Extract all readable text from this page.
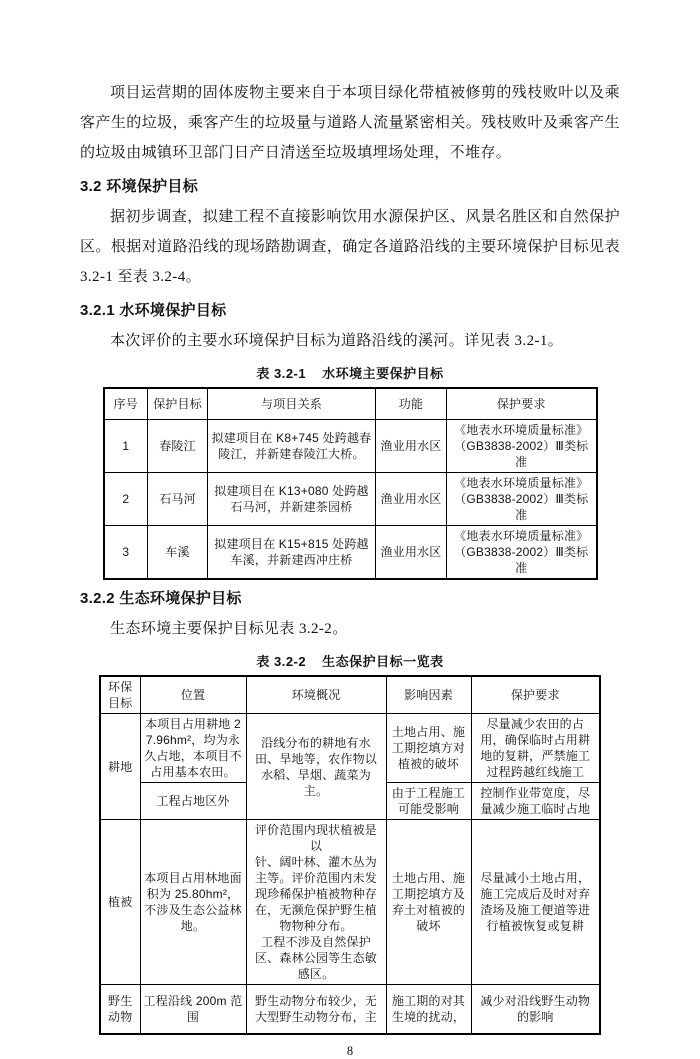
项目运营期的固体废物主要来自于本项目绿化带植被修剪的残枝败叶以及乘客产生的垃圾，乘客产生的垃圾量与道路人流量紧密相关。残枝败叶及乘客产生的垃圾由城镇环卫部门日产日清送至垃圾填埋场处理，不堆存。

3.2 环境保护目标

据初步调查，拟建工程不直接影响饮用水源保护区、风景名胜区和自然保护区。根据对道路沿线的现场踏勘调查，确定各道路沿线的主要环境保护目标见表 3.2-1 至表 3.2-4。

3.2.1 水环境保护目标

本次评价的主要水环境保护目标为道路沿线的溪河。详见表 3.2-1。

表 3.2-1 水环境主要保护目标
序号	保护目标	与项目关系	功能	保护要求
1	春陵江	拟建项目在 K8+745 处跨越春陵江，并新建春陵江大桥。	渔业用水区	《地表水环境质量标准》（GB3838-2002）Ⅲ类标准
2	石马河	拟建项目在 K13+080 处跨越石马河，并新建茶园桥	渔业用水区	《地表水环境质量标准》（GB3838-2002）Ⅲ类标准
3	车溪	拟建项目在 K15+815 处跨越车溪，并新建西冲庄桥	渔业用水区	《地表水环境质量标准》（GB3838-2002）Ⅲ类标准
3.2.2 生态环境保护目标

生态环境主要保护目标见表 3.2-2。

表 3.2-2 生态保护目标一览表
环保目标	位置	环境概况	影响因素	保护要求
耕地	本项目占用耕地 27.96hm²，均为永久占地，本项目不占用基本农田。	沿线分布的耕地有水田、旱地等，农作物以水稻、旱烟、蔬菜为主。	土地占用、施工期挖填方对植被的破坏	尽量减少农田的占用，确保临时占用耕地的复耕，严禁施工过程跨越红线施工
	工程占地区外		由于工程施工可能受影响	控制作业带宽度，尽量减少施工临时占地
植被	本项目占用林地面积为 25.80hm²，不涉及生态公益林地。	评价范围内现状植被是以
针、阔叶林、灌木丛为主等。评价范围内未发现珍稀保护植被物种存在，无濒危保护野生植物物种分布。
工程不涉及自然保护区、森林公园等生态敏感区。	土地占用、施工期挖填方及弃土对植被的破坏	尽量减小土地占用，施工完成后及时对弃渣场及施工便道等进行植被恢复或复耕
野生动物	工程沿线 200m 范围	野生动物分布较少，无大型野生动物分布，主	施工期的对其生境的扰动，	减少对沿线野生动物的影响
8
